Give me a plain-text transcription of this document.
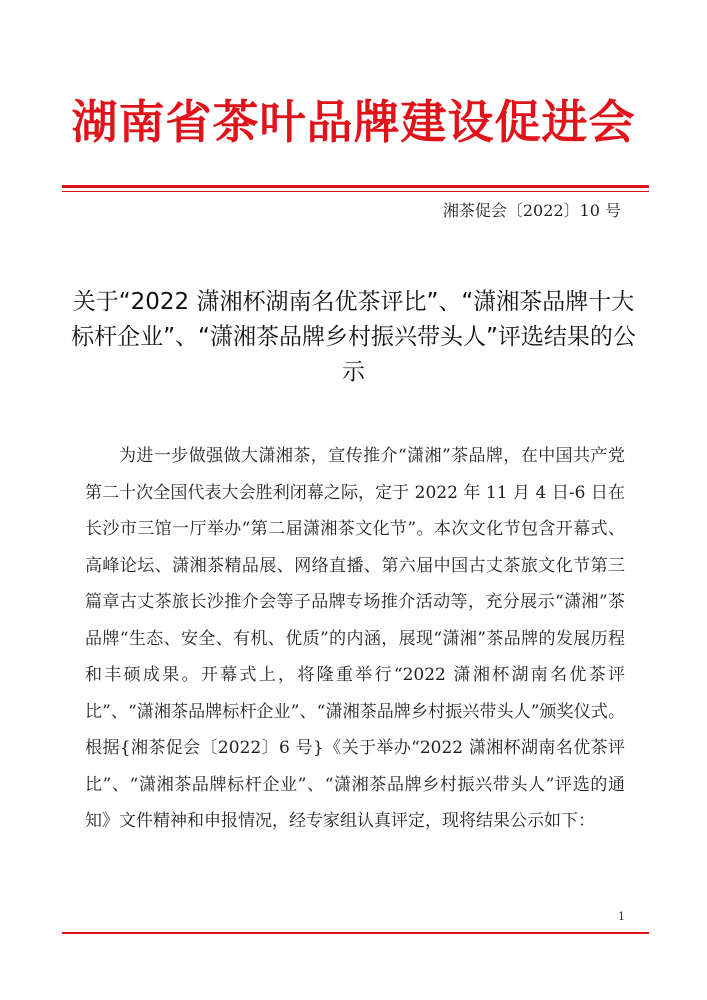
湖南省茶叶品牌建设促进会
湘茶促会〔2022〕10 号
关于“2022 潇湘杯湖南名优茶评比”、“潇湘茶品牌十大标杆企业”、“潇湘茶品牌乡村振兴带头人”评选结果的公示

为进一步做强做大潇湘茶，宣传推介“潇湘”茶品牌，在中国共产党第二十次全国代表大会胜利闭幕之际，定于 2022 年 11 月 4 日-6 日在长沙市三馆一厅举办“第二届潇湘茶文化节”。本次文化节包含开幕式、高峰论坛、潇湘茶精品展、网络直播、第六届中国古丈茶旅文化节第三篇章古丈茶旅长沙推介会等子品牌专场推介活动等，充分展示“潇湘”茶品牌“生态、安全、有机、优质”的内涵，展现“潇湘”茶品牌的发展历程和丰硕成果。开幕式上，将隆重举行“2022 潇湘杯湖南名优茶评比”、“潇湘茶品牌标杆企业”、“潇湘茶品牌乡村振兴带头人”颁奖仪式。根据{湘茶促会〔2022〕6 号}《关于举办“2022 潇湘杯湖南名优茶评比”、“潇湘茶品牌标杆企业”、“潇湘茶品牌乡村振兴带头人”评选的通知》文件精神和申报情况，经专家组认真评定，现将结果公示如下：

1
